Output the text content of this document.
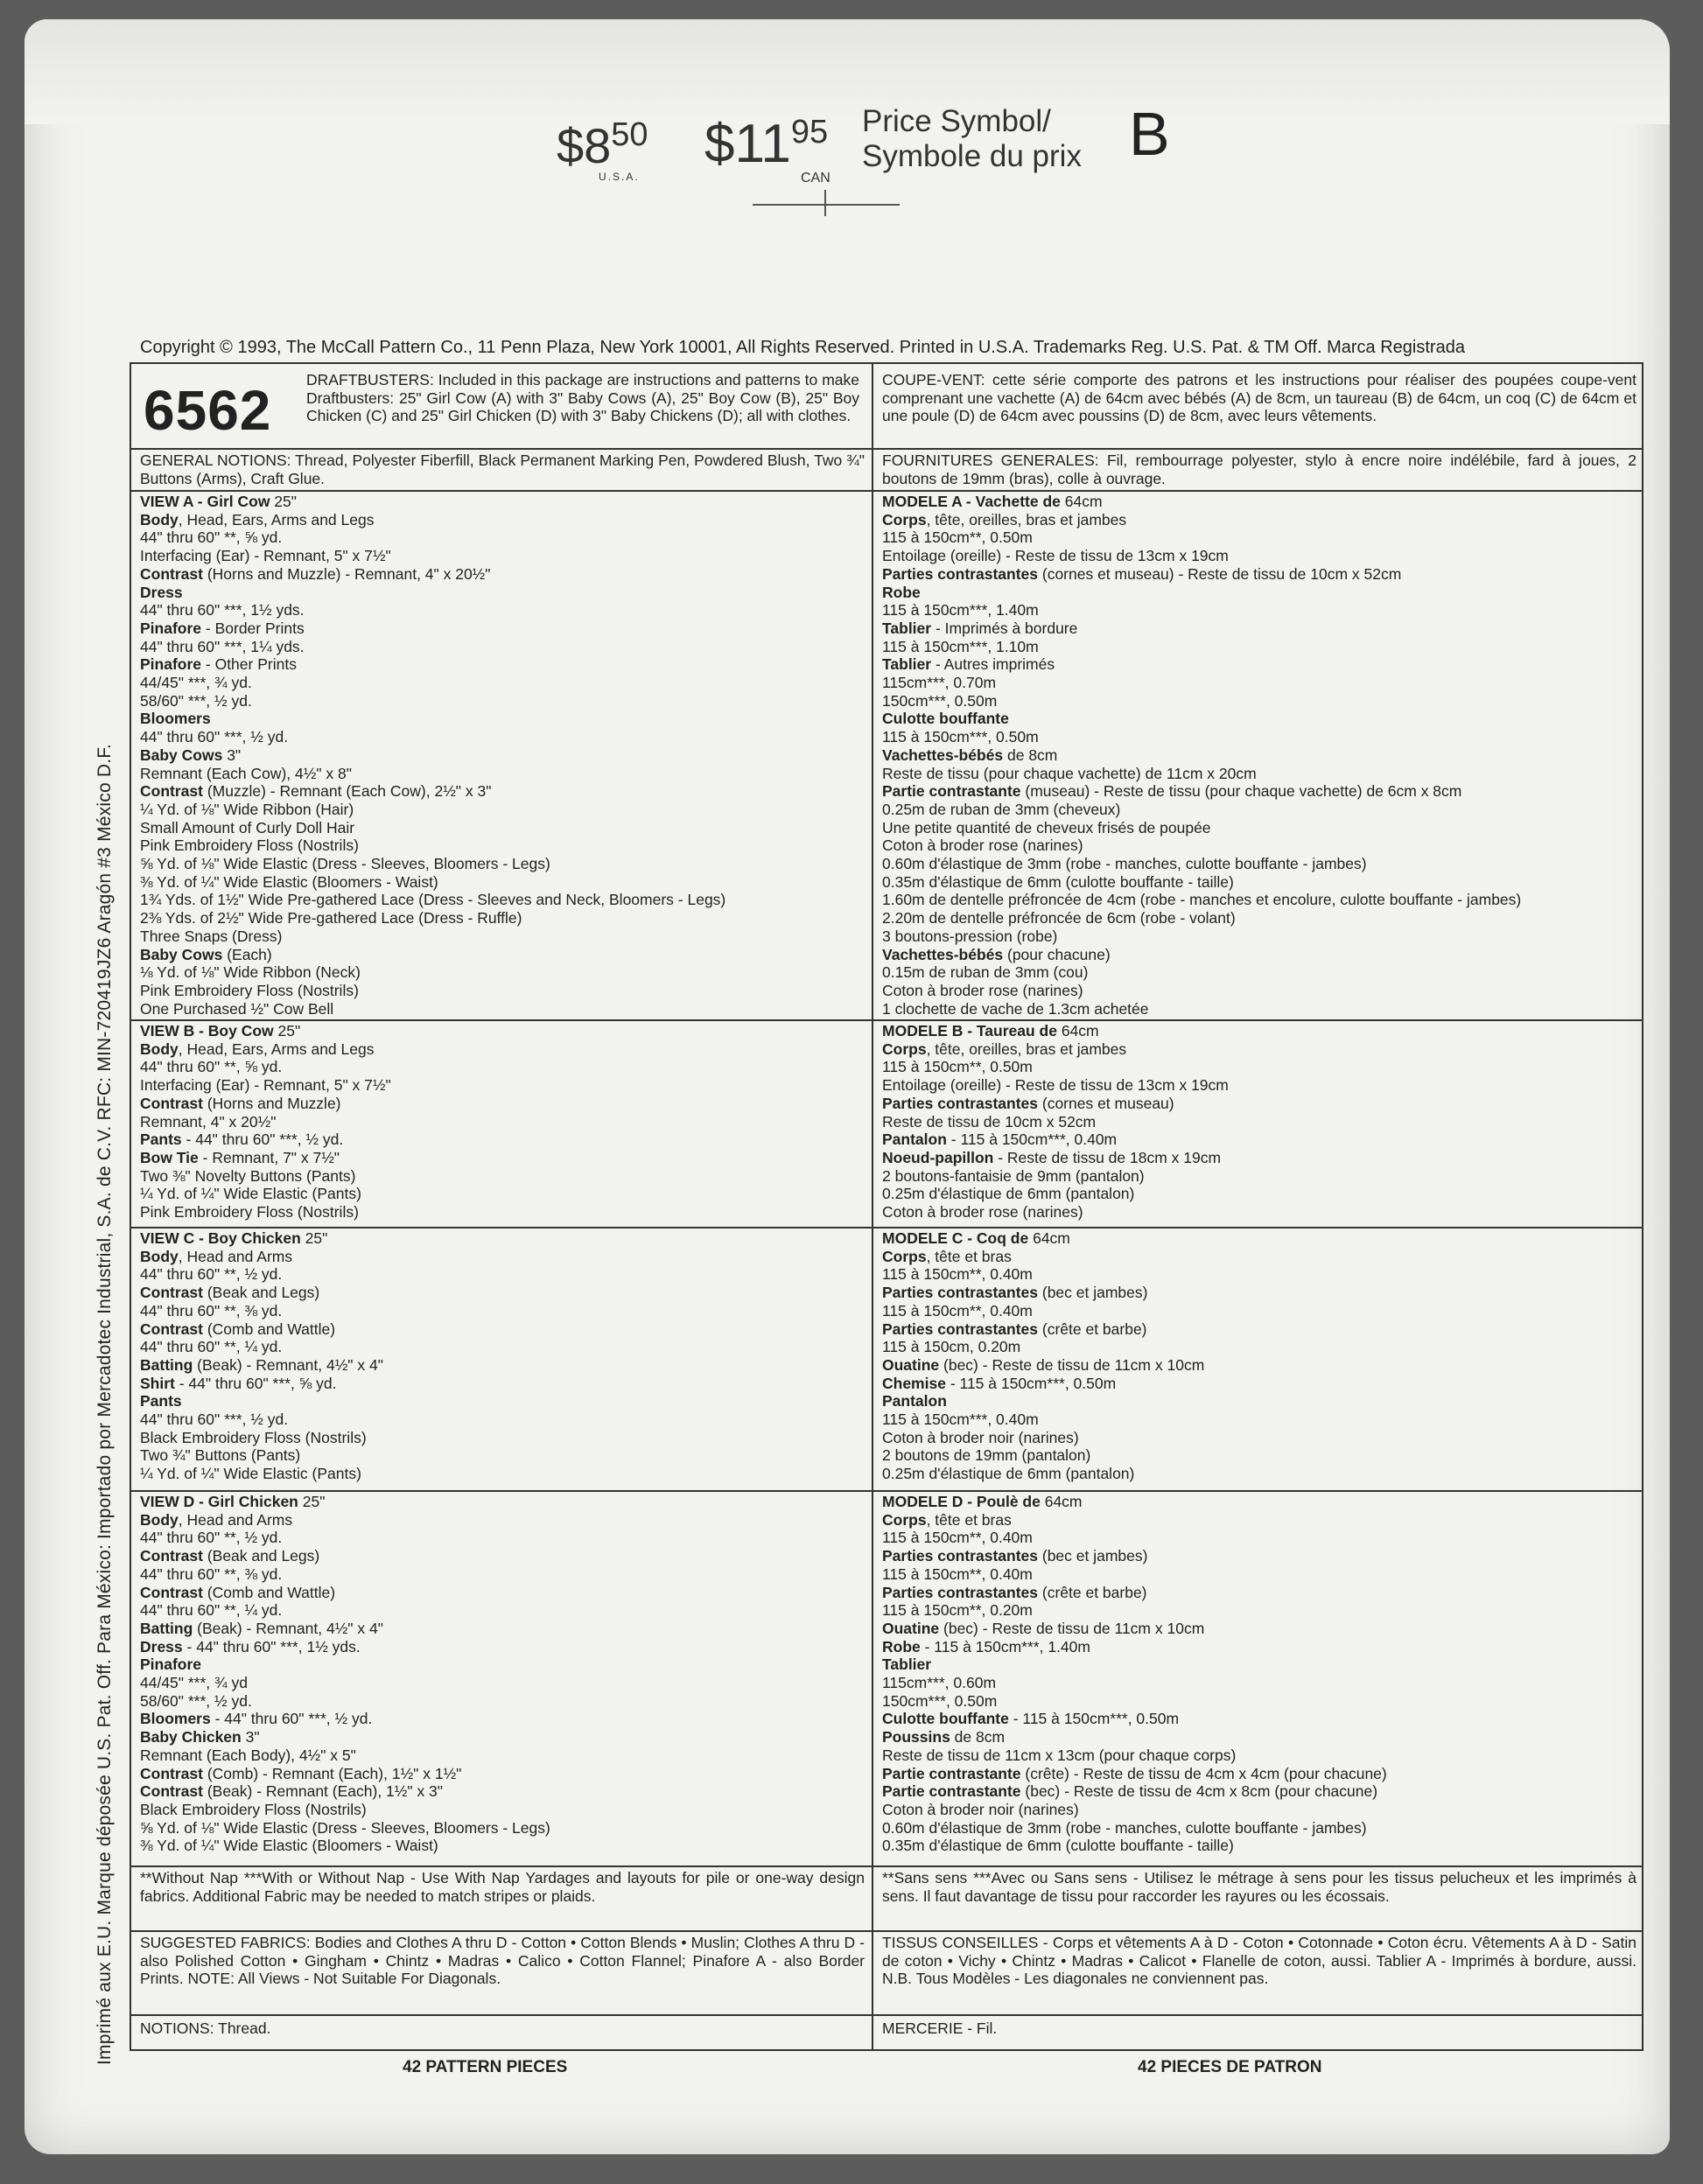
$\$8^{50}$
U.S.A.
$\$11^{95}$
CAN
Price Symbol/
Symbole du prix B
Copyright © 1993, The McCall Pattern Co., 11 Penn Plaza, New York 10001, All Rights Reserved. Printed in U.S.A. Trademarks Reg. U.S. Pat. & TM Off. Marca Registrada
Imprimé aux E.U. Marque déposée U.S. Pat. Off. Para México: Importado por Mercadotec Industrial, S.A. de C.V. RFC: MIN-720419JZ6 Aragón #3 México D.F.
6562 DRAFTBUSTERS: Included in this package are instructions and patterns to make Draftbusters: 25" Girl Cow (A) with 3" Baby Cows (A), 25" Boy Cow (B), 25" Boy Chicken (C) and 25" Girl Chicken (D) with 3" Baby Chickens (D); all with clothes.
COUPE-VENT: cette série comporte des patrons et les instructions pour réaliser des poupées coupe-vent comprenant une vachette (A) de 64cm avec bébés (A) de 8cm, un taureau (B) de 64cm, un coq (C) de 64cm et une poule (D) de 64cm avec poussins (D) de 8cm, avec leurs vêtements.
GENERAL NOTIONS: Thread, Polyester Fiberfill, Black Permanent Marking Pen, Powdered Blush, Two ¾" Buttons (Arms), Craft Glue.
FOURNITURES GENERALES: Fil, rembourrage polyester, stylo à encre noire indélébile, fard à joues, 2 boutons de 19mm (bras), colle à ouvrage.
VIEW A - Girl Cow 25"
Body, Head, Ears, Arms and Legs
44" thru 60" **, ⅝ yd.
Interfacing (Ear) - Remnant, 5" x 7½"
Contrast (Horns and Muzzle) - Remnant, 4" x 20½"
Dress
44" thru 60" ***, 1½ yds.
Pinafore - Border Prints
44" thru 60" ***, 1¼ yds.
Pinafore - Other Prints
44/45" ***, ¾ yd.
58/60" ***, ½ yd.
Bloomers
44" thru 60" ***, ½ yd.
Baby Cows 3"
Remnant (Each Cow), 4½" x 8"
Contrast (Muzzle) - Remnant (Each Cow), 2½" x 3"
¼ Yd. of ⅛" Wide Ribbon (Hair)
Small Amount of Curly Doll Hair
Pink Embroidery Floss (Nostrils)
⅝ Yd. of ⅛" Wide Elastic (Dress - Sleeves, Bloomers - Legs)
⅜ Yd. of ¼" Wide Elastic (Bloomers - Waist)
1¾ Yds. of 1½" Wide Pre-gathered Lace (Dress - Sleeves and Neck, Bloomers - Legs)
2⅜ Yds. of 2½" Wide Pre-gathered Lace (Dress - Ruffle)
Three Snaps (Dress)
Baby Cows (Each)
⅛ Yd. of ⅛" Wide Ribbon (Neck)
Pink Embroidery Floss (Nostrils)
One Purchased ½" Cow Bell
MODELE A - Vachette de 64cm
Corps, tête, oreilles, bras et jambes
115 à 150cm**, 0.50m
Entoilage (oreille) - Reste de tissu de 13cm x 19cm
Parties contrastantes (cornes et museau) - Reste de tissu de 10cm x 52cm
Robe
115 à 150cm***, 1.40m
Tablier - Imprimés à bordure
115 à 150cm***, 1.10m
Tablier - Autres imprimés
115cm***, 0.70m
150cm***, 0.50m
Culotte bouffante
115 à 150cm***, 0.50m
Vachettes-bébés de 8cm
Reste de tissu (pour chaque vachette) de 11cm x 20cm
Partie contrastante (museau) - Reste de tissu (pour chaque vachette) de 6cm x 8cm
0.25m de ruban de 3mm (cheveux)
Une petite quantité de cheveux frisés de poupée
Coton à broder rose (narines)
0.60m d'élastique de 3mm (robe - manches, culotte bouffante - jambes)
0.35m d'élastique de 6mm (culotte bouffante - taille)
1.60m de dentelle préfroncée de 4cm (robe - manches et encolure, culotte bouffante - jambes)
2.20m de dentelle préfroncée de 6cm (robe - volant)
3 boutons-pression (robe)
Vachettes-bébés (pour chacune)
0.15m de ruban de 3mm (cou)
Coton à broder rose (narines)
1 clochette de vache de 1.3cm achetée
VIEW B - Boy Cow 25"
Body, Head, Ears, Arms and Legs
44" thru 60" **, ⅝ yd.
Interfacing (Ear) - Remnant, 5" x 7½"
Contrast (Horns and Muzzle)
Remnant, 4" x 20½"
Pants - 44" thru 60" ***, ½ yd.
Bow Tie - Remnant, 7" x 7½"
Two ⅜" Novelty Buttons (Pants)
¼ Yd. of ¼" Wide Elastic (Pants)
Pink Embroidery Floss (Nostrils)
MODELE B - Taureau de 64cm
Corps, tête, oreilles, bras et jambes
115 à 150cm**, 0.50m
Entoilage (oreille) - Reste de tissu de 13cm x 19cm
Parties contrastantes (cornes et museau)
Reste de tissu de 10cm x 52cm
Pantalon - 115 à 150cm***, 0.40m
Noeud-papillon - Reste de tissu de 18cm x 19cm
2 boutons-fantaisie de 9mm (pantalon)
0.25m d'élastique de 6mm (pantalon)
Coton à broder rose (narines)
VIEW C - Boy Chicken 25"
Body, Head and Arms
44" thru 60" **, ½ yd.
Contrast (Beak and Legs)
44" thru 60" **, ⅜ yd.
Contrast (Comb and Wattle)
44" thru 60" **, ¼ yd.
Batting (Beak) - Remnant, 4½" x 4"
Shirt - 44" thru 60" ***, ⅝ yd.
Pants
44" thru 60" ***, ½ yd.
Black Embroidery Floss (Nostrils)
Two ¾" Buttons (Pants)
¼ Yd. of ¼" Wide Elastic (Pants)
MODELE C - Coq de 64cm
Corps, tête et bras
115 à 150cm**, 0.40m
Parties contrastantes (bec et jambes)
115 à 150cm**, 0.40m
Parties contrastantes (crête et barbe)
115 à 150cm, 0.20m
Ouatine (bec) - Reste de tissu de 11cm x 10cm
Chemise - 115 à 150cm***, 0.50m
Pantalon
115 à 150cm***, 0.40m
Coton à broder noir (narines)
2 boutons de 19mm (pantalon)
0.25m d'élastique de 6mm (pantalon)
VIEW D - Girl Chicken 25"
Body, Head and Arms
44" thru 60" **, ½ yd.
Contrast (Beak and Legs)
44" thru 60" **, ⅜ yd.
Contrast (Comb and Wattle)
44" thru 60" **, ¼ yd.
Batting (Beak) - Remnant, 4½" x 4"
Dress - 44" thru 60" ***, 1½ yds.
Pinafore
44/45" ***, ¾ yd
58/60" ***, ½ yd.
Bloomers - 44" thru 60" ***, ½ yd.
Baby Chicken 3"
Remnant (Each Body), 4½" x 5"
Contrast (Comb) - Remnant (Each), 1½" x 1½"
Contrast (Beak) - Remnant (Each), 1½" x 3"
Black Embroidery Floss (Nostrils)
⅝ Yd. of ⅛" Wide Elastic (Dress - Sleeves, Bloomers - Legs)
⅜ Yd. of ¼" Wide Elastic (Bloomers - Waist)
MODELE D - Poulè de 64cm
Corps, tête et bras
115 à 150cm**, 0.40m
Parties contrastantes (bec et jambes)
115 à 150cm**, 0.40m
Parties contrastantes (crête et barbe)
115 à 150cm**, 0.20m
Ouatine (bec) - Reste de tissu de 11cm x 10cm
Robe - 115 à 150cm***, 1.40m
Tablier
115cm***, 0.60m
150cm***, 0.50m
Culotte bouffante - 115 à 150cm***, 0.50m
Poussins de 8cm
Reste de tissu de 11cm x 13cm (pour chaque corps)
Partie contrastante (crête) - Reste de tissu de 4cm x 4cm (pour chacune)
Partie contrastante (bec) - Reste de tissu de 4cm x 8cm (pour chacune)
Coton à broder noir (narines)
0.60m d'élastique de 3mm (robe - manches, culotte bouffante - jambes)
0.35m d'élastique de 6mm (culotte bouffante - taille)
**Without Nap ***With or Without Nap - Use With Nap Yardages and layouts for pile or one-way design fabrics. Additional Fabric may be needed to match stripes or plaids.
**Sans sens ***Avec ou Sans sens - Utilisez le métrage à sens pour les tissus pelucheux et les imprimés à sens. Il faut davantage de tissu pour raccorder les rayures ou les écossais.
SUGGESTED FABRICS: Bodies and Clothes A thru D - Cotton • Cotton Blends • Muslin; Clothes A thru D - also Polished Cotton • Gingham • Chintz • Madras • Calico • Cotton Flannel; Pinafore A - also Border Prints. NOTE: All Views - Not Suitable For Diagonals.
TISSUS CONSEILLES - Corps et vêtements A à D - Coton • Cotonnade • Coton écru. Vêtements A à D - Satin de coton • Vichy • Chintz • Madras • Calicot • Flanelle de coton, aussi. Tablier A - Imprimés à bordure, aussi. N.B. Tous Modèles - Les diagonales ne conviennent pas.
NOTIONS: Thread.	MERCERIE - Fil.
42 PATTERN PIECES	42 PIECES DE PATRON
